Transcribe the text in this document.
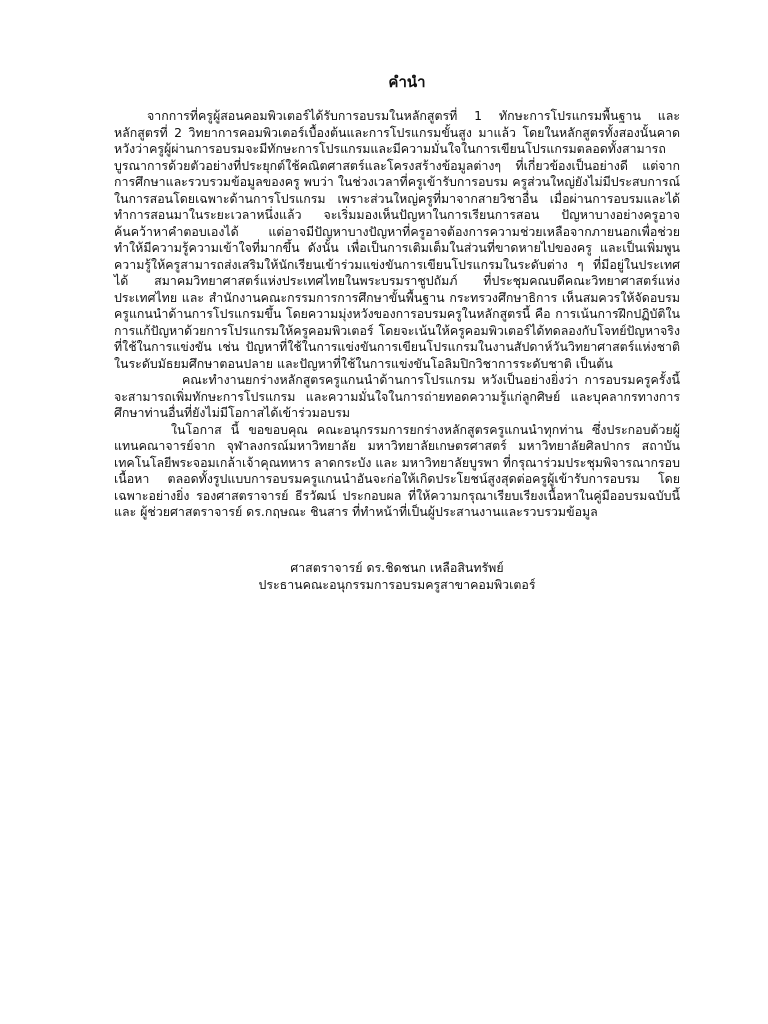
คำนำ

จากการที่ครูผู้สอนคอมพิวเตอร์ได้รับการอบรมในหลักสูตรที่ 1 ทักษะการโปรแกรมพื้นฐาน และ หลักสูตรที่ 2 วิทยาการคอมพิวเตอร์เบื้องต้นและการโปรแกรมขั้นสูง มาแล้ว โดยในหลักสูตรทั้งสองนั้นคาดหวังว่าครูผู้ผ่านการอบรมจะมีทักษะการโปรแกรมและมีความมั่นใจในการเขียนโปรแกรมตลอดทั้งสามารถบูรณาการด้วยตัวอย่างที่ประยุกต์ใช้คณิตศาสตร์และโครงสร้างข้อมูลต่างๆ ที่เกี่ยวข้องเป็นอย่างดี แต่จากการศึกษาและรวบรวมข้อมูลของครู พบว่า ในช่วงเวลาที่ครูเข้ารับการอบรม ครูส่วนใหญ่ยังไม่มีประสบการณ์ในการสอนโดยเฉพาะด้านการโปรแกรม เพราะส่วนใหญ่ครูที่มาจากสายวิชาอื่น เมื่อผ่านการอบรมและได้ทำการสอนมาในระยะเวลาหนึ่งแล้ว จะเริ่มมองเห็นปัญหาในการเรียนการสอน ปัญหาบางอย่างครูอาจค้นคว้าหาคำตอบเองได้ แต่อาจมีปัญหาบางปัญหาที่ครูอาจต้องการความช่วยเหลือจากภายนอกเพื่อช่วยทำให้มีความรู้ความเข้าใจที่มากขึ้น ดังนั้น เพื่อเป็นการเติมเต็มในส่วนที่ขาดหายไปของครู และเป็นเพิ่มพูนความรู้ให้ครูสามารถส่งเสริมให้นักเรียนเข้าร่วมแข่งขันการเขียนโปรแกรมในระดับต่าง ๆ ที่มีอยู่ในประเทศได้ สมาคมวิทยาศาสตร์แห่งประเทศไทยในพระบรมราชูปถัมภ์ ที่ประชุมคณบดีคณะวิทยาศาสตร์แห่งประเทศไทย และ สำนักงานคณะกรรมการการศึกษาขั้นพื้นฐาน กระทรวงศึกษาธิการ เห็นสมควรให้จัดอบรมครูแกนนำด้านการโปรแกรมขึ้น โดยความมุ่งหวังของการอบรมครูในหลักสูตรนี้ คือ การเน้นการฝึกปฏิบัติในการแก้ปัญหาด้วยการโปรแกรมให้ครูคอมพิวเตอร์ โดยจะเน้นให้ครูคอมพิวเตอร์ได้ทดลองกับโจทย์ปัญหาจริงที่ใช้ในการแข่งขัน เช่น ปัญหาที่ใช้ในการแข่งขันการเขียนโปรแกรมในงานสัปดาห์วันวิทยาศาสตร์แห่งชาติ ในระดับมัธยมศึกษาตอนปลาย และปัญหาที่ใช้ในการแข่งขันโอลิมปิกวิชาการระดับชาติ เป็นต้น

คณะทำงานยกร่างหลักสูตรครูแกนนำด้านการโปรแกรม หวังเป็นอย่างยิ่งว่า การอบรมครูครั้งนี้จะสามารถเพิ่มทักษะการโปรแกรม และความมั่นใจในการถ่ายทอดความรู้แก่ลูกศิษย์ และบุคลากรทางการศึกษาท่านอื่นที่ยังไม่มีโอกาสได้เข้าร่วมอบรม

ในโอกาส นี้ ขอขอบคุณ คณะอนุกรรมการยกร่างหลักสูตรครูแกนนำทุกท่าน ซึ่งประกอบด้วยผู้แทนคณาจารย์จาก จุฬาลงกรณ์มหาวิทยาลัย มหาวิทยาลัยเกษตรศาสตร์ มหาวิทยาลัยศิลปากร สถาบันเทคโนโลยีพระจอมเกล้าเจ้าคุณทหาร ลาดกระบัง และ มหาวิทยาลัยบูรพา ที่กรุณาร่วมประชุมพิจารณากรอบเนื้อหา ตลอดทั้งรูปแบบการอบรมครูแกนนำอันจะก่อให้เกิดประโยชน์สูงสุดต่อครูผู้เข้ารับการอบรม โดยเฉพาะอย่างยิ่ง รองศาสตราจารย์ ธีรวัฒน์ ประกอบผล ที่ให้ความกรุณาเรียบเรียงเนื้อหาในคู่มืออบรมฉบับนี้ และ ผู้ช่วยศาสตราจารย์ ดร.กฤษณะ ชินสาร ที่ทำหน้าที่เป็นผู้ประสานงานและรวบรวมข้อมูล

ศาสตราจารย์ ดร.ชิดชนก เหลือสินทรัพย์
ประธานคณะอนุกรรมการอบรมครูสาขาคอมพิวเตอร์
